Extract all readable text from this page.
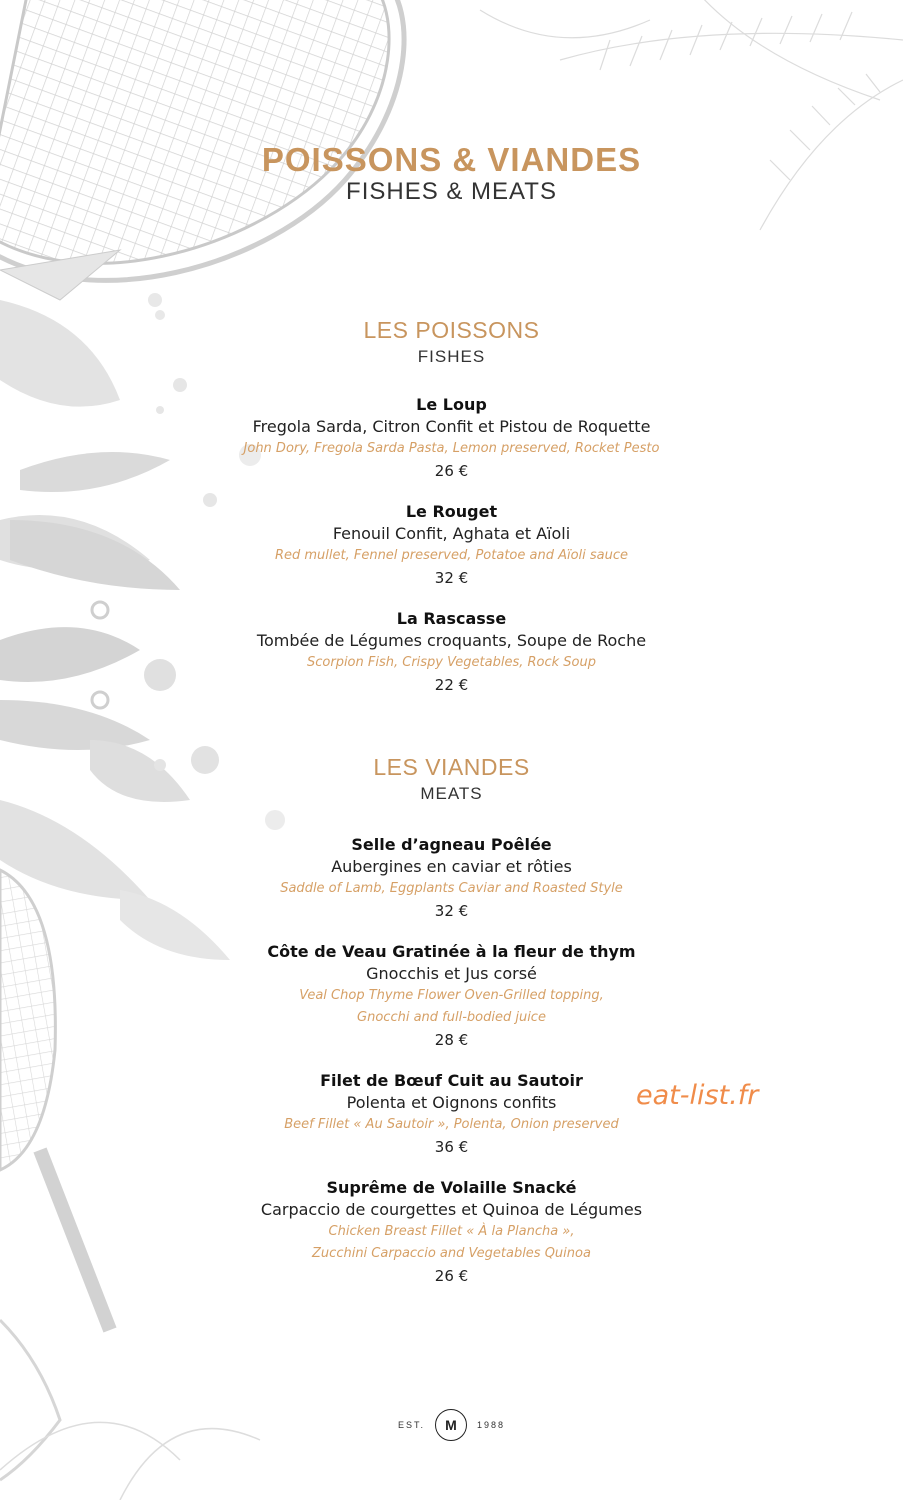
POISSONS & VIANDES
FISHES & MEATS
LES POISSONS
FISHES
Le Loup
Fregola Sarda, Citron Confit et Pistou de Roquette
John Dory, Fregola Sarda Pasta, Lemon preserved, Rocket Pesto
26 €
Le Rouget
Fenouil Confit, Aghata et Aïoli
Red mullet, Fennel preserved, Potatoe and Aïoli sauce
32 €
La Rascasse
Tombée de Légumes croquants, Soupe de Roche
Scorpion Fish, Crispy Vegetables, Rock Soup
22 €
LES VIANDES
MEATS
Selle d’agneau Poêlée
Aubergines en caviar et rôties
Saddle of Lamb, Eggplants Caviar and Roasted Style
32 €
Côte de Veau Gratinée à la fleur de thym
Gnocchis et Jus corsé
Veal Chop Thyme Flower Oven-Grilled topping,
Gnocchi and full-bodied juice
28 €
Filet de Bœuf Cuit au Sautoir
Polenta et Oignons confits
Beef Fillet « Au Sautoir », Polenta, Onion preserved
36 €
Suprême de Volaille Snacké
Carpaccio de courgettes et Quinoa de Légumes
Chicken Breast Fillet « À la Plancha »,
Zucchini Carpaccio and Vegetables Quinoa
26 €
eat-list.fr
EST.	M	1988
